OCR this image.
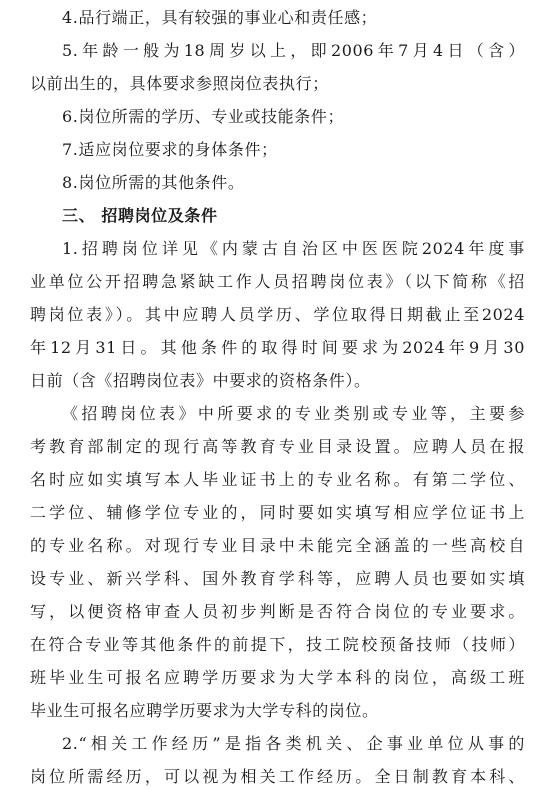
4.品行端正，具有较强的事业心和责任感；
5.年龄一般为18周岁以上，即2006年7月4日（含）
以前出生的，具体要求参照岗位表执行；
6.岗位所需的学历、专业或技能条件；
7.适应岗位要求的身体条件；
8.岗位所需的其他条件。
三、 招聘岗位及条件
1.招聘岗位详见《内蒙古自治区中医医院2024年度事
业单位公开招聘急紧缺工作人员招聘岗位表》（以下简称《招
聘岗位表》）。其中应聘人员学历、学位取得日期截止至2024
年12月31日。其他条件的取得时间要求为2024年9月30
日前（含《招聘岗位表》中要求的资格条件）。
《招聘岗位表》中所要求的专业类别或专业等，主要参
考教育部制定的现行高等教育专业目录设置。应聘人员在报
名时应如实填写本人毕业证书上的专业名称。有第二学位、
二学位、辅修学位专业的，同时要如实填写相应学位证书上
的专业名称。对现行专业目录中未能完全涵盖的一些高校自
设专业、新兴学科、国外教育学科等，应聘人员也要如实填
写，以便资格审查人员初步判断是否符合岗位的专业要求。
在符合专业等其他条件的前提下，技工院校预备技师（技师）
班毕业生可报名应聘学历要求为大学本科的岗位，高级工班
毕业生可报名应聘学历要求为大学专科的岗位。
2.“相关工作经历”是指各类机关、企事业单位从事的
岗位所需经历，可以视为相关工作经历。全日制教育本科、
